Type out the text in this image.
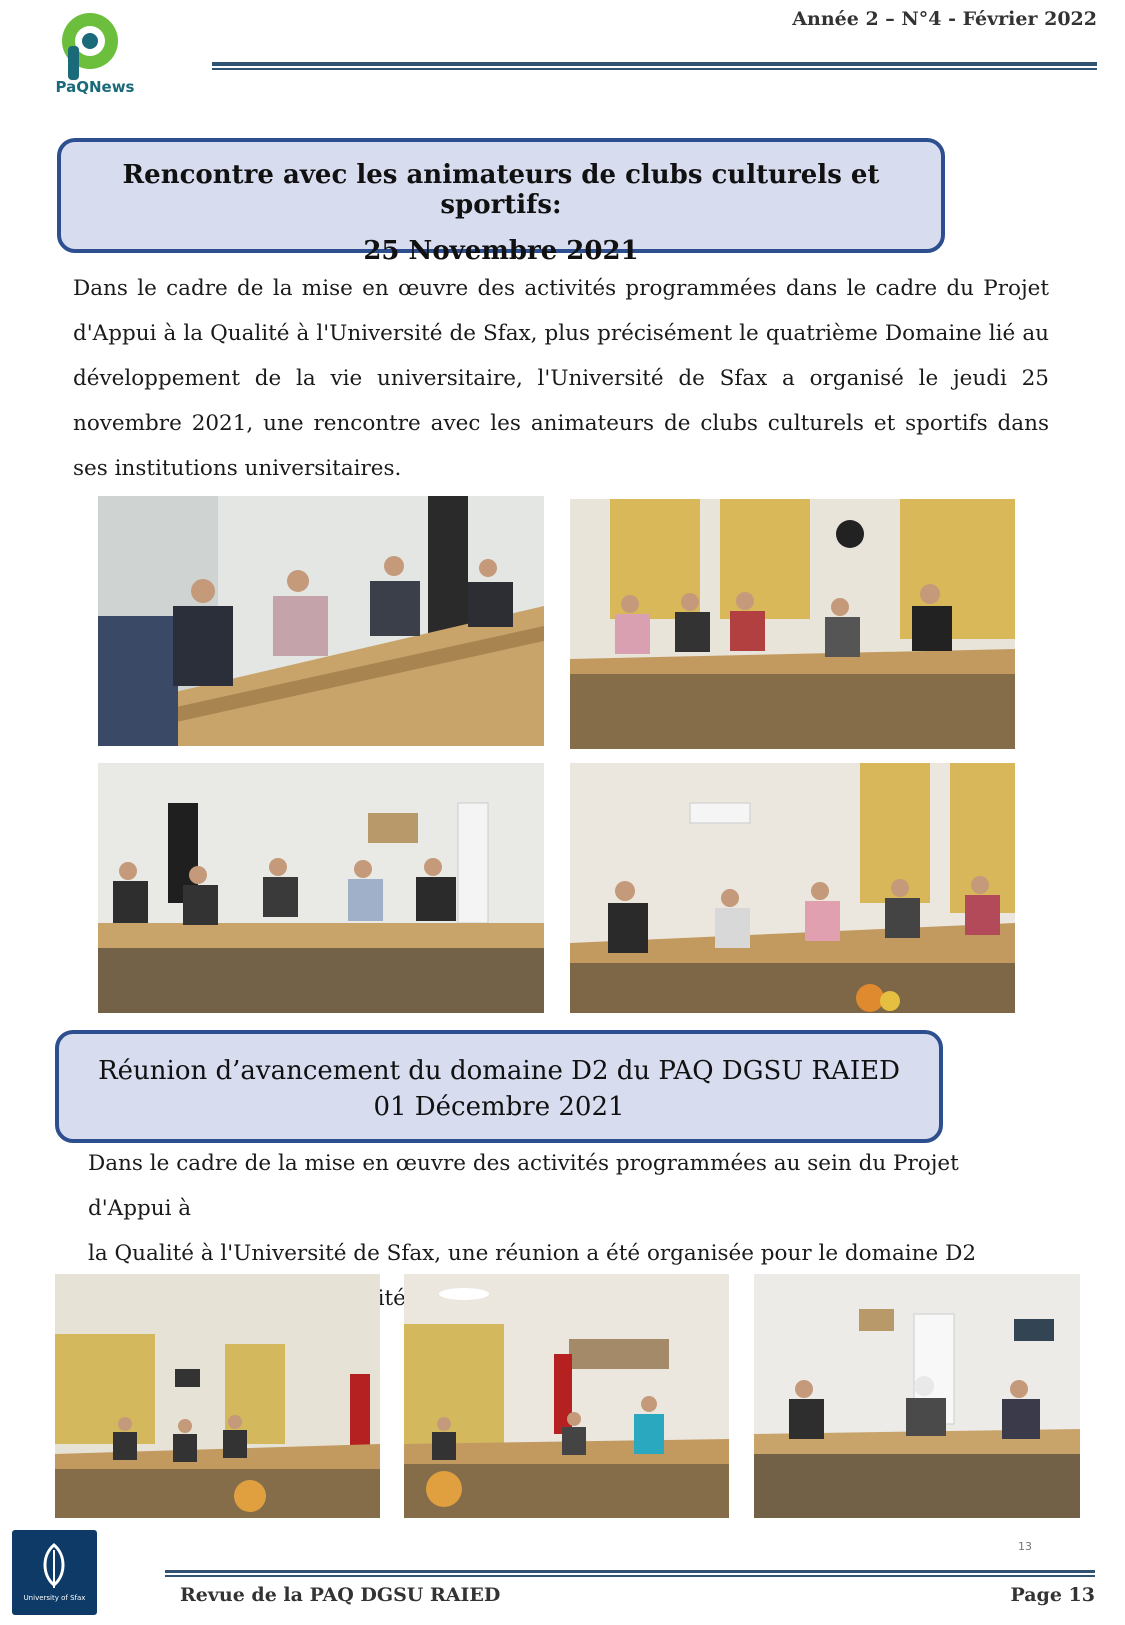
PaQNews
Année 2 – N°4 - Février 2022
Rencontre avec les animateurs de clubs culturels et sportifs:
25 Novembre 2021
Dans le cadre de la mise en œuvre des activités programmées dans le cadre du Projet d'Appui à la Qualité à l'Université de Sfax, plus précisément le quatrième Domaine lié au développement de la vie universitaire, l'Université de Sfax a organisé le jeudi 25 novembre 2021, une rencontre avec les animateurs de clubs culturels et sportifs dans ses institutions universitaires.
Réunion d’avancement du domaine D2 du PAQ DGSU RAIED
01 Décembre 2021
Dans le cadre de la mise en œuvre des activités programmées au sein du Projet d'Appui à
la Qualité à l'Université de Sfax, une réunion a été organisée pour le domaine D2
13
University of Sfax	Revue de la PAQ DGSU RAIED	Page 13
